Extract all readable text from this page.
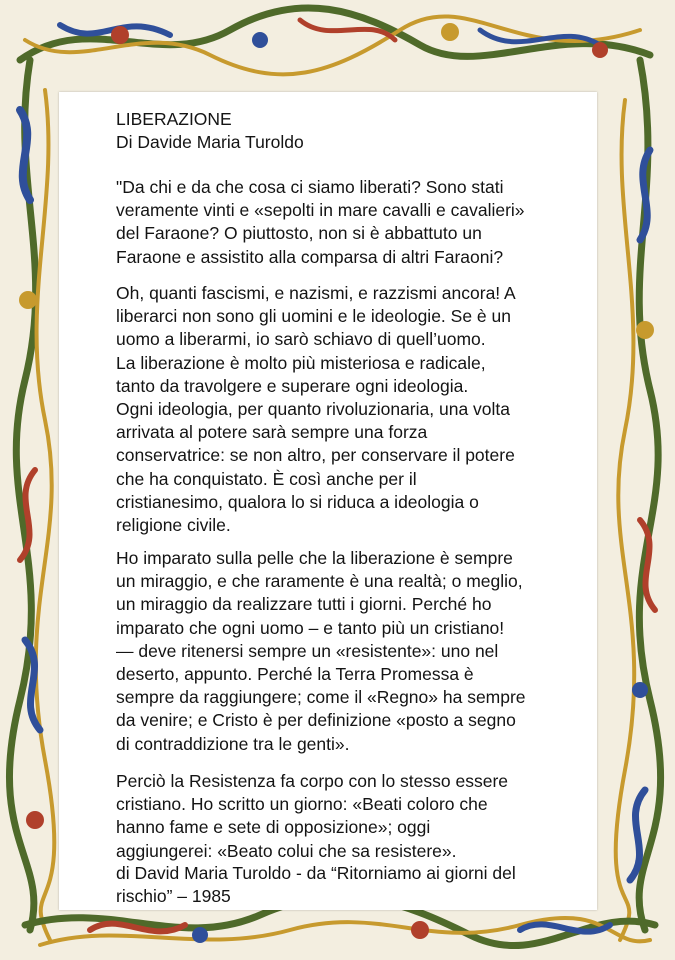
LIBERAZIONE
Di Davide Maria Turoldo
"Da chi e da che cosa ci siamo liberati? Sono stati
veramente vinti e «sepolti in mare cavalli e cavalieri»
del Faraone? O piuttosto, non si è abbattuto un
Faraone e assistito alla comparsa di altri Faraoni?
Oh, quanti fascismi, e nazismi, e razzismi ancora! A
liberarci non sono gli uomini e le ideologie. Se è un
uomo a liberarmi, io sarò schiavo di quell’uomo.
La liberazione è molto più misteriosa e radicale,
tanto da travolgere e superare ogni ideologia.
Ogni ideologia, per quanto rivoluzionaria, una volta
arrivata al potere sarà sempre una forza
conservatrice: se non altro, per conservare il potere
che ha conquistato. È così anche per il
cristianesimo, qualora lo si riduca a ideologia o
religione civile.
Ho imparato sulla pelle che la liberazione è sempre
un miraggio, e che raramente è una realtà; o meglio,
un miraggio da realizzare tutti i giorni. Perché ho
imparato che ogni uomo – e tanto più un cristiano!
— deve ritenersi sempre un «resistente»: uno nel
deserto, appunto. Perché la Terra Promessa è
sempre da raggiungere; come il «Regno» ha sempre
da venire; e Cristo è per definizione «posto a segno
di contraddizione tra le genti».
Perciò la Resistenza fa corpo con lo stesso essere
cristiano. Ho scritto un giorno: «Beati coloro che
hanno fame e sete di opposizione»; oggi
aggiungerei: «Beato colui che sa resistere».
di David Maria Turoldo - da “Ritorniamo ai giorni del
rischio” – 1985
